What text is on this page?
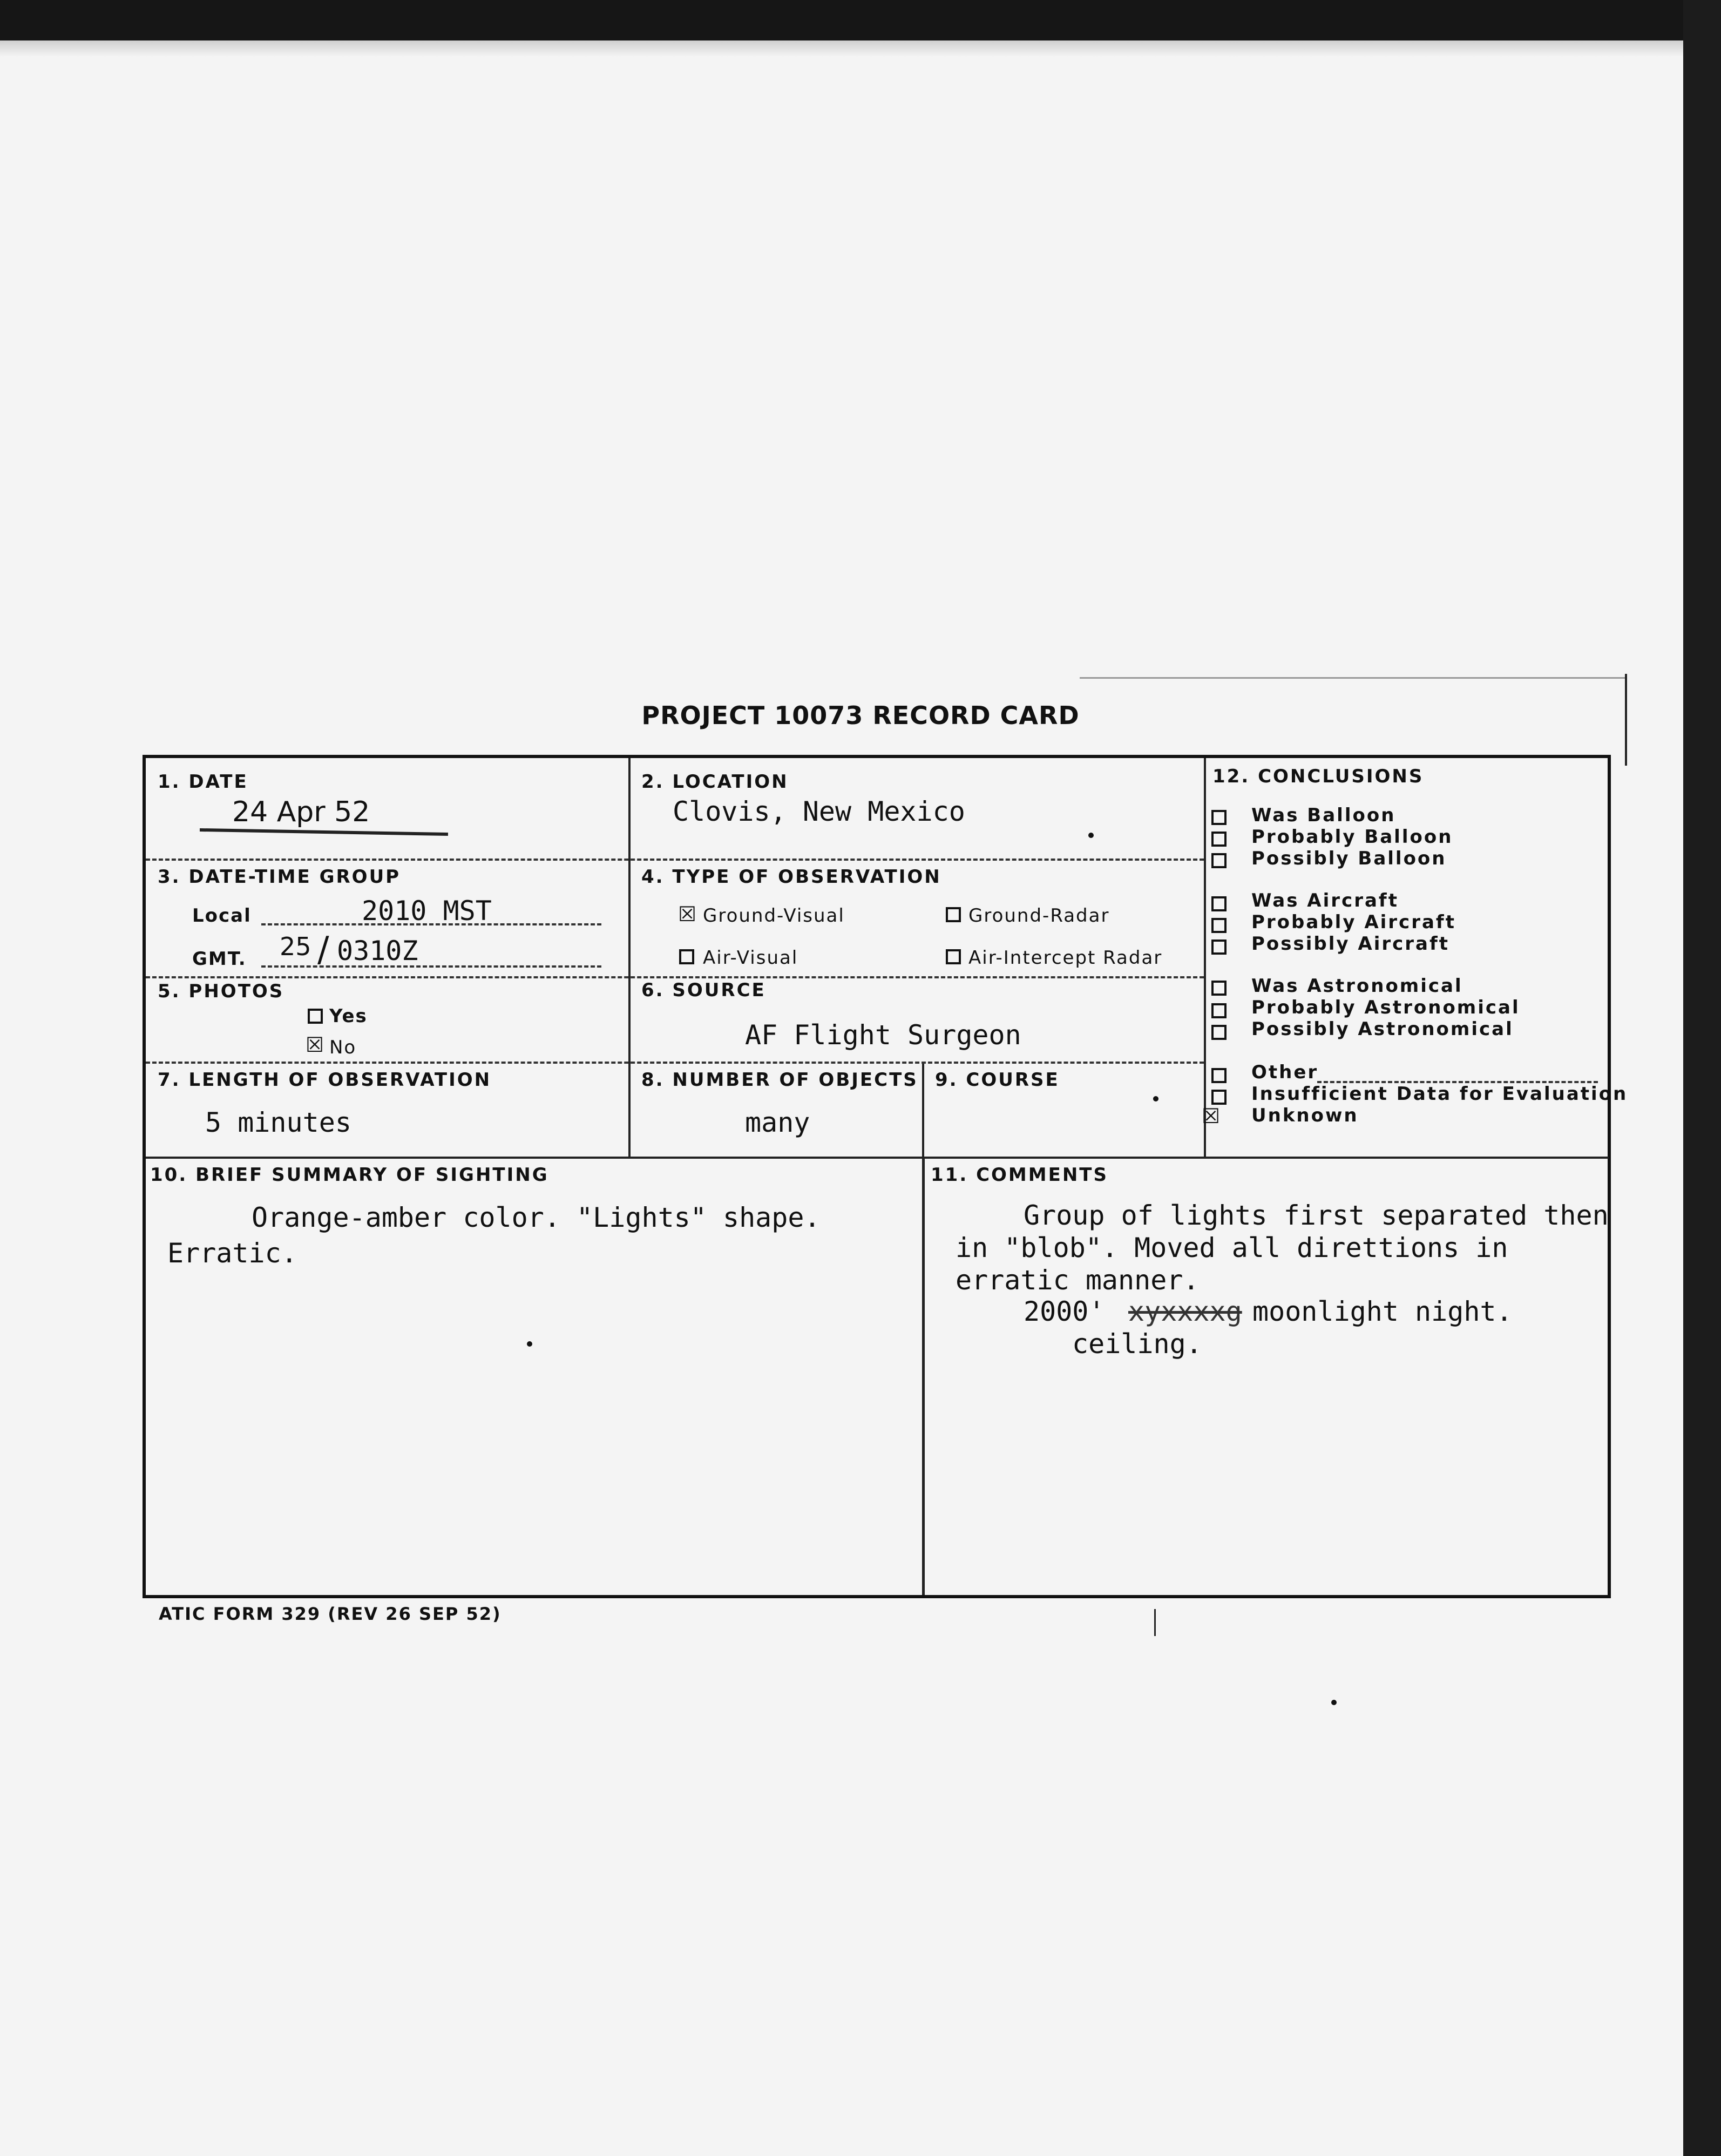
PROJECT 10073 RECORD CARD
1. DATE
24 Apr 52
2. LOCATION
Clovis, New Mexico
3. DATE-TIME GROUP
Local	2010 MST
GMT. 25 / 0310Z
4. TYPE OF OBSERVATION
☒ Ground-Visual	Ground-Radar
Air-Visual	Air-Intercept Radar
5. PHOTOS
Yes
☒ No
6. SOURCE
AF Flight Surgeon
7. LENGTH OF OBSERVATION
5 minutes
8. NUMBER OF OBJECTS
many
9. COURSE
12. CONCLUSIONS
10. BRIEF SUMMARY OF SIGHTING
Orange-amber color. "Lights" shape.
Erratic.
11. COMMENTS
Group of lights first separated then
in "blob". Moved all direttions in
erratic manner.
2000' xyxxxxg moonlight night.
ceiling.
Was Balloon
Probably Balloon
Possibly Balloon
Was Aircraft
Probably Aircraft
Possibly Aircraft
Was Astronomical
Probably Astronomical
Possibly Astronomical
Other
Insufficient Data for Evaluation
☒ Unknown
ATIC FORM 329 (REV 26 SEP 52)
